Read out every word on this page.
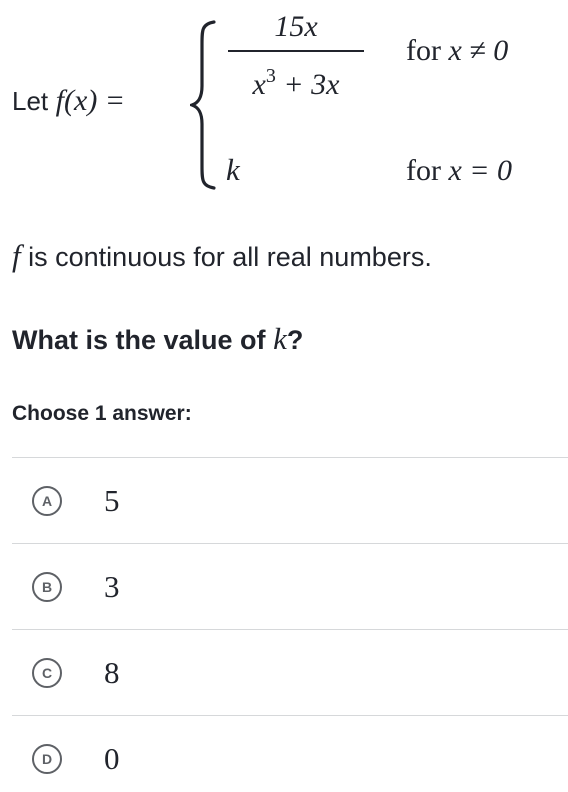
Let f(x) =
15x
$x^3 + 3x$
for x ≠ 0
k	for x = 0
f is continuous for all real numbers.
What is the value of k?
Choose 1 answer:
A	5
B	3
C	8
D	0
